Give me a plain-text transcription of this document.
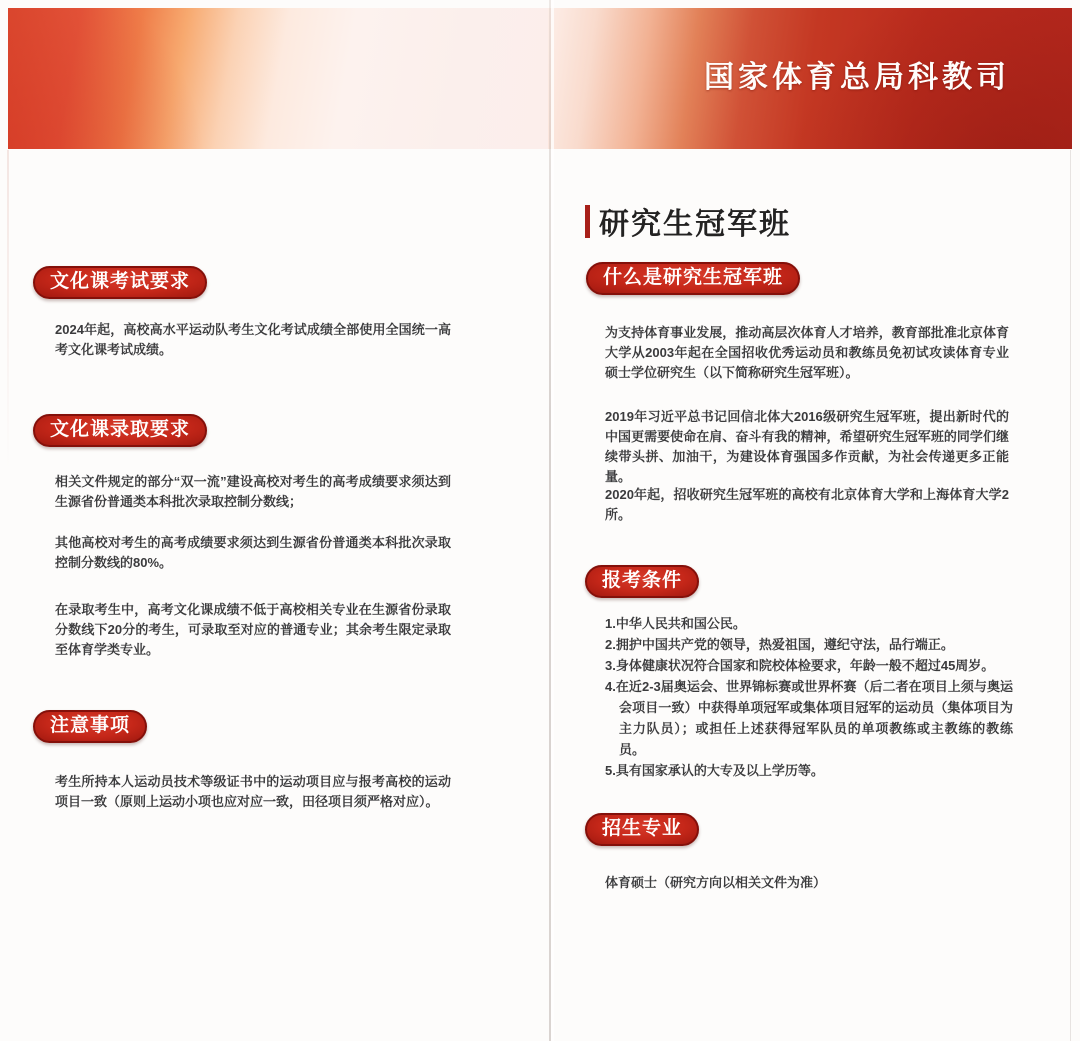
国家体育总局科教司
文化课考试要求

2024年起，高校高水平运动队考生文化考试成绩全部使用全国统一高考文化课考试成绩。

文化课录取要求

相关文件规定的部分“双一流”建设高校对考生的高考成绩要求须达到生源省份普通类本科批次录取控制分数线；

其他高校对考生的高考成绩要求须达到生源省份普通类本科批次录取控制分数线的80%。

在录取考生中，高考文化课成绩不低于高校相关专业在生源省份录取分数线下20分的考生，可录取至对应的普通专业；其余考生限定录取至体育学类专业。

注意事项

考生所持本人运动员技术等级证书中的运动项目应与报考高校的运动项目一致（原则上运动小项也应对应一致，田径项目须严格对应）。

研究生冠军班
什么是研究生冠军班

为支持体育事业发展，推动高层次体育人才培养，教育部批准北京体育大学从2003年起在全国招收优秀运动员和教练员免初试攻读体育专业硕士学位研究生（以下简称研究生冠军班）。

2019年习近平总书记回信北体大2016级研究生冠军班，提出新时代的中国更需要使命在肩、奋斗有我的精神，希望研究生冠军班的同学们继续带头拼、加油干，为建设体育强国多作贡献，为社会传递更多正能量。

2020年起，招收研究生冠军班的高校有北京体育大学和上海体育大学2所。

报考条件
1.中华人民共和国公民。
2.拥护中国共产党的领导，热爱祖国，遵纪守法，品行端正。
3.身体健康状况符合国家和院校体检要求，年龄一般不超过45周岁。
4.在近2-3届奥运会、世界锦标赛或世界杯赛（后二者在项目上须与奥运会项目一致）中获得单项冠军或集体项目冠军的运动员（集体项目为主力队员）；或担任上述获得冠军队员的单项教练或主教练的教练员。
5.具有国家承认的大专及以上学历等。
招生专业

体育硕士（研究方向以相关文件为准）
